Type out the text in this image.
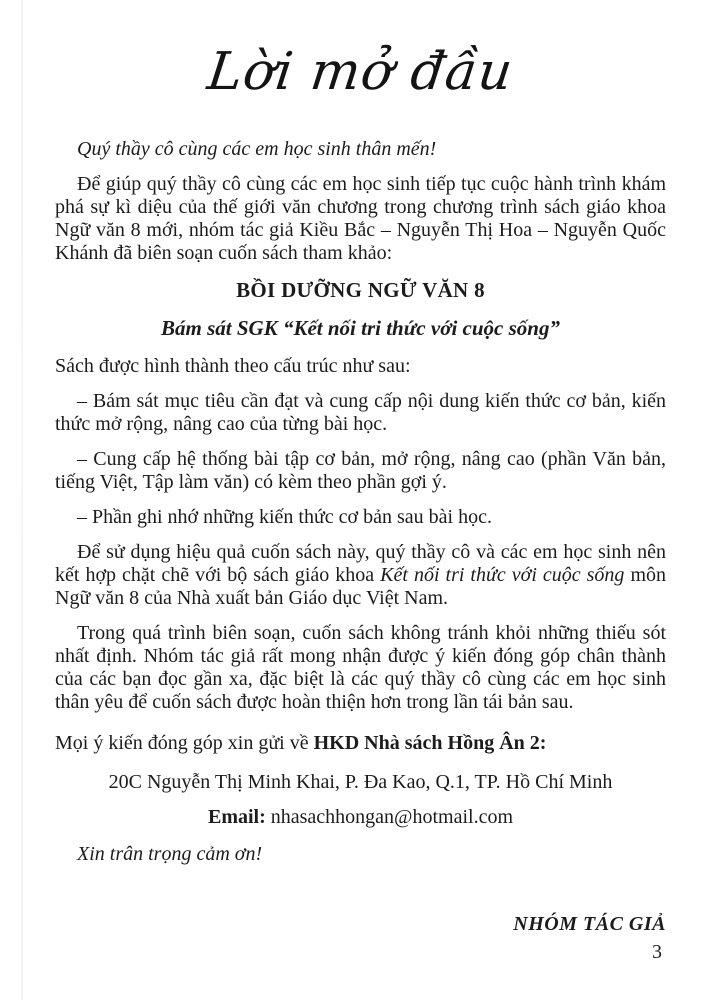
Lời mở đầu

Quý thầy cô cùng các em học sinh thân mến!

Để giúp quý thầy cô cùng các em học sinh tiếp tục cuộc hành trình khám phá sự kì diệu của thế giới văn chương trong chương trình sách giáo khoa Ngữ văn 8 mới, nhóm tác giả Kiều Bắc – Nguyễn Thị Hoa – Nguyễn Quốc Khánh đã biên soạn cuốn sách tham khảo:

BỒI DƯỠNG NGỮ VĂN 8

Bám sát SGK “Kết nối tri thức với cuộc sống”

Sách được hình thành theo cấu trúc như sau:

– Bám sát mục tiêu cần đạt và cung cấp nội dung kiến thức cơ bản, kiến thức mở rộng, nâng cao của từng bài học.

– Cung cấp hệ thống bài tập cơ bản, mở rộng, nâng cao (phần Văn bản, tiếng Việt, Tập làm văn) có kèm theo phần gợi ý.

– Phần ghi nhớ những kiến thức cơ bản sau bài học.

Để sử dụng hiệu quả cuốn sách này, quý thầy cô và các em học sinh nên kết hợp chặt chẽ với bộ sách giáo khoa Kết nối tri thức với cuộc sống môn Ngữ văn 8 của Nhà xuất bản Giáo dục Việt Nam.

Trong quá trình biên soạn, cuốn sách không tránh khỏi những thiếu sót nhất định. Nhóm tác giả rất mong nhận được ý kiến đóng góp chân thành của các bạn đọc gần xa, đặc biệt là các quý thầy cô cùng các em học sinh thân yêu để cuốn sách được hoàn thiện hơn trong lần tái bản sau.

Mọi ý kiến đóng góp xin gửi về HKD Nhà sách Hồng Ân 2:

20C Nguyễn Thị Minh Khai, P. Đa Kao, Q.1, TP. Hồ Chí Minh

Email: nhasachhongan@hotmail.com

Xin trân trọng cảm ơn!

NHÓM TÁC GIẢ

3
